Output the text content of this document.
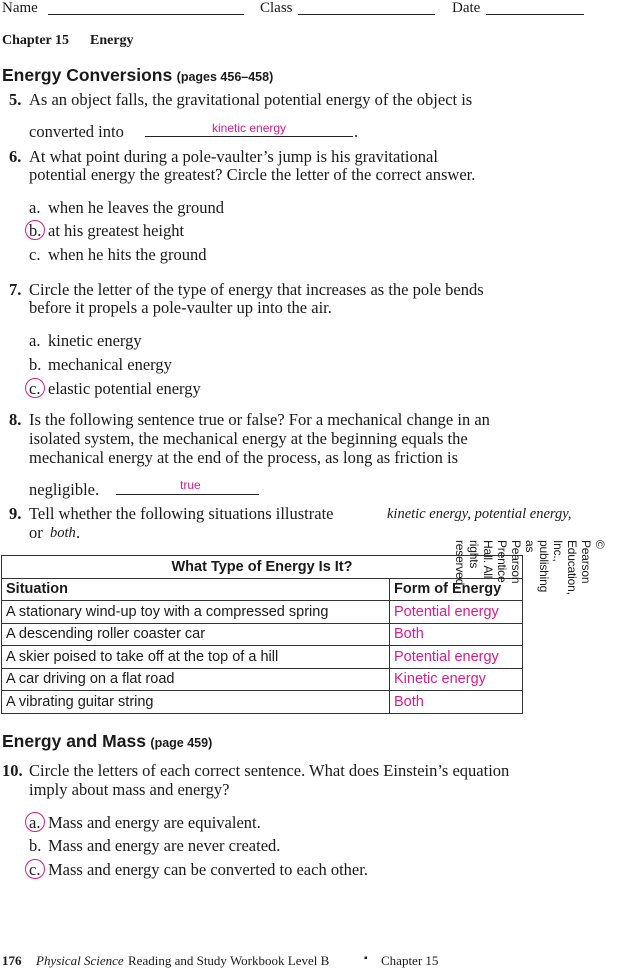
Name	Class	Date
Chapter 15 Energy
Energy Conversions (pages 456–458)
5. As an object falls, the gravitational potential energy of the object is
converted into	kinetic energy	.
6. At what point during a pole-vaulter’s jump is his gravitational
potential energy the greatest? Circle the letter of the correct answer.
a. when he leaves the ground
b. at his greatest height
c. when he hits the ground
7. Circle the letter of the type of energy that increases as the pole bends
before it propels a pole-vaulter up into the air.
a. kinetic energy
b. mechanical energy
c. elastic potential energy
8. Is the following sentence true or false? For a mechanical change in an
isolated system, the mechanical energy at the beginning equals the
mechanical energy at the end of the process, as long as friction is
negligible.	true
9. Tell whether the following situations illustrate	kinetic energy, potential energy,
or both .
What Type of Energy Is It?	
Situation	Form of Energy
A stationary wind-up toy with a compressed spring	Potential energy
A descending roller coaster car	Both
A skier poised to take off at the top of a hill	Potential energy
A car driving on a flat road	Kinetic energy
A vibrating guitar string	Both
Energy and Mass (page 459)
10. Circle the letters of each correct sentence. What does Einstein’s equation
imply about mass and energy?
a. Mass and energy are equivalent.
b. Mass and energy are never created.
c. Mass and energy can be converted to each other.
© Pearson Education, Inc., publishing as Pearson Prentice Hall. All rights reserved.
176 Physical Science Reading and Study Workbook Level B	▪ Chapter 15
